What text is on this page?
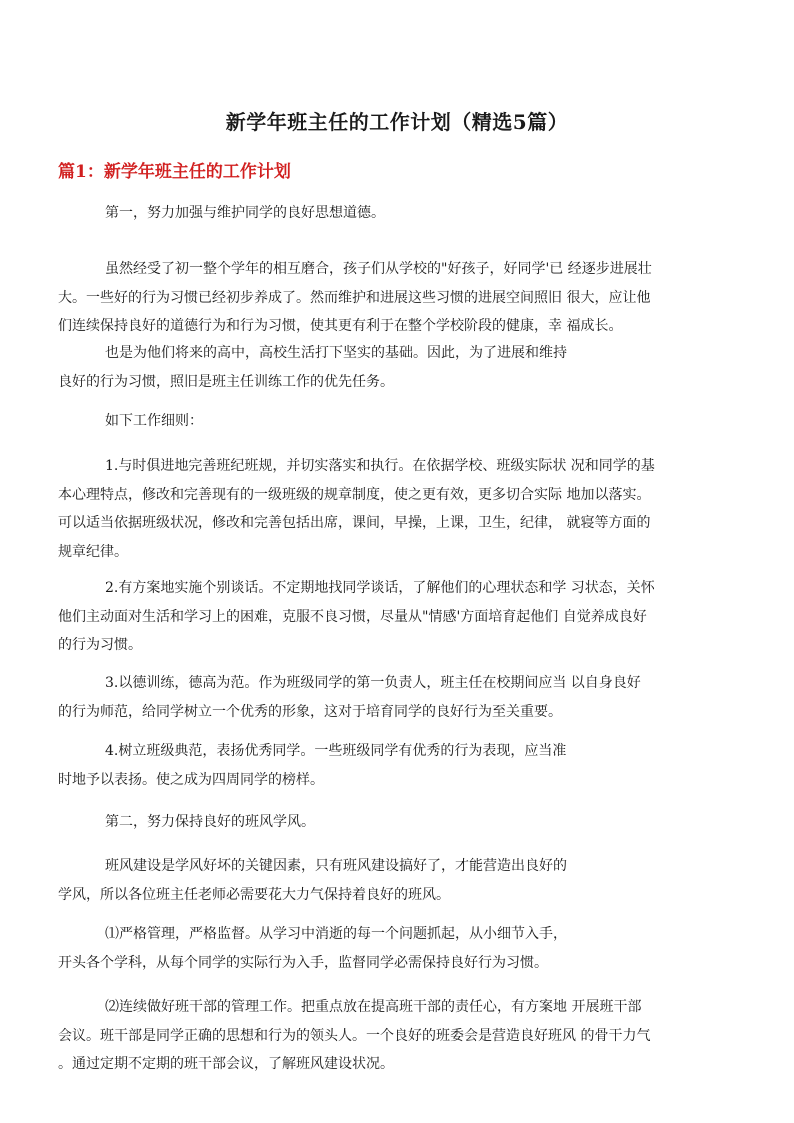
新学年班主任的工作计划（精选5篇）
篇1：新学年班主任的工作计划
第一，努力加强与维护同学的良好思想道德。
虽然经受了初一整个学年的相互磨合，孩子们从学校的"好孩子，好同学'已 经逐步进展壮
大。一些好的行为习惯已经初步养成了。然而维护和进展这些习惯的进展空间照旧 很大，应让他
们连续保持良好的道德行为和行为习惯，使其更有利于在整个学校阶段的健康，幸 福成长。
也是为他们将来的高中，高校生活打下坚实的基础。因此，为了进展和维持
良好的行为习惯，照旧是班主任训练工作的优先任务。
如下工作细则：
1.与时俱进地完善班纪班规，并切实落实和执行。在依据学校、班级实际状 况和同学的基
本心理特点，修改和完善现有的一级班级的规章制度，使之更有效，更多切合实际 地加以落实。
可以适当依据班级状况，修改和完善包括出席，课间，早操，上课，卫生，纪律， 就寝等方面的
规章纪律。
2.有方案地实施个别谈话。不定期地找同学谈话，了解他们的心理状态和学 习状态，关怀
他们主动面对生活和学习上的困难，克服不良习惯，尽量从"情感'方面培育起他们 自觉养成良好
的行为习惯。
3.以德训练，德高为范。作为班级同学的第一负责人，班主任在校期间应当 以自身良好
的行为师范，给同学树立一个优秀的形象，这对于培育同学的良好行为至关重要。
4.树立班级典范，表扬优秀同学。一些班级同学有优秀的行为表现，应当准
时地予以表扬。使之成为四周同学的榜样。
第二，努力保持良好的班风学风。
班风建设是学风好坏的关键因素，只有班风建设搞好了，才能营造出良好的
学风，所以各位班主任老师必需要花大力气保持着良好的班风。
⑴严格管理，严格监督。从学习中消逝的每一个问题抓起，从小细节入手，
开头各个学科，从每个同学的实际行为入手，监督同学必需保持良好行为习惯。
⑵连续做好班干部的管理工作。把重点放在提高班干部的责任心，有方案地 开展班干部
会议。班干部是同学正确的思想和行为的领头人。一个良好的班委会是营造良好班风 的骨干力气
。通过定期不定期的班干部会议，了解班风建设状况。
